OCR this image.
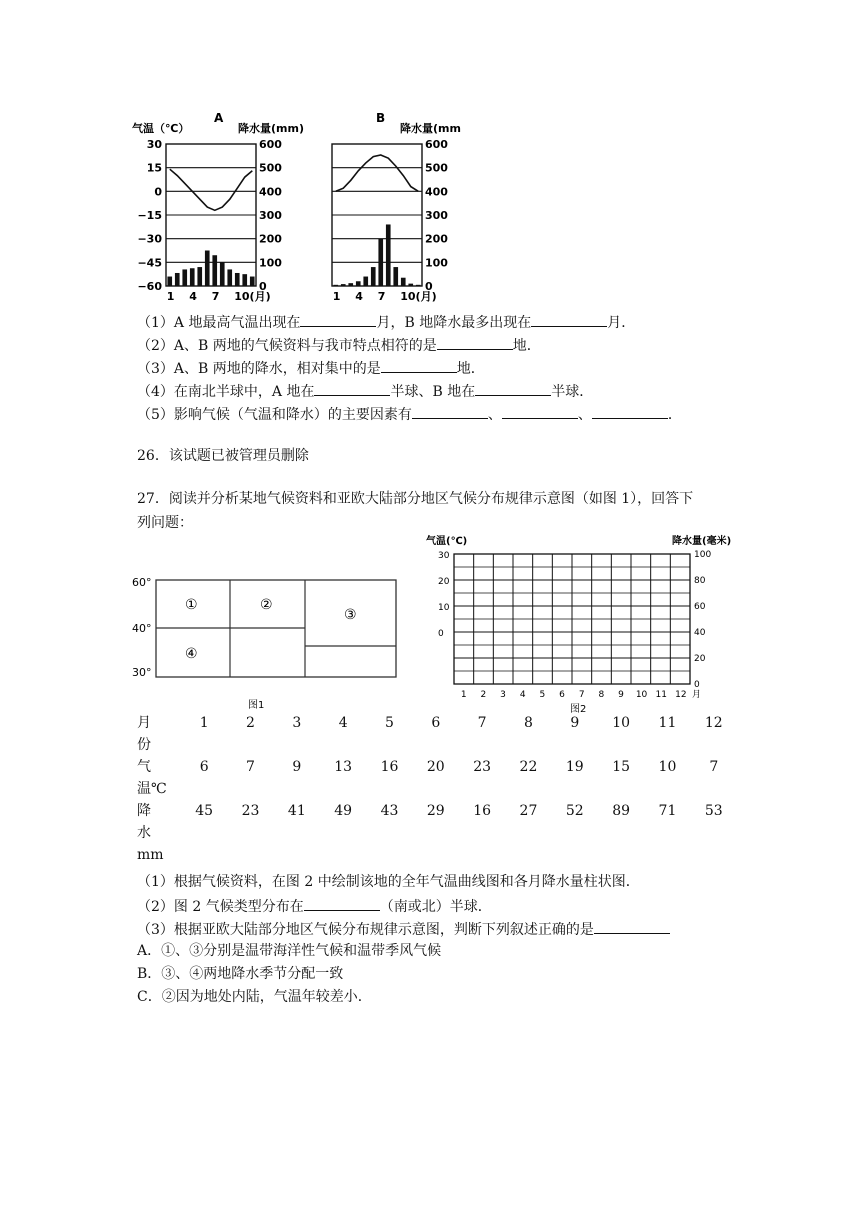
A
气温（℃）	降水量(mm)
30
15
0
−15
−30
−45
−60
600
500
400
300
200
100
0
1 4 7 10(月)
B
降水量(mm
600
500
400
300
200
100
0
1 4 7 10(月)
（1）A 地最高气温出现在	月，B 地降水最多出现在	月．
（2）A、B 两地的气候资料与我市特点相符的是	地．
（3）A、B 两地的降水，相对集中的是	地．
（4）在南北半球中，A 地在	半球、B 地在	半球．
（5）影响气候（气温和降水）的主要因素有	、	、	．
26．该试题已被管理员删除
27．阅读并分析某地气候资料和亚欧大陆部分地区气候分布规律示意图（如图 1），回答下
列问题：
60°
40°
30°
①	②
③
④
图1
气温(℃)	降水量(毫米)
30
20
10
0
100
80
60
40
20
0
1 2 3 4 5 6 7 8 9 10 11 12 月
图2
月
份	1	2	3	4	5	6	7	8	9	10	11	12
气
温℃	6	7	9	13	16	20	23	22	19	15	10	7
降
水
mm	45	23	41	49	43	29	16	27	52	89	71	53
（1）根据气候资料，在图 2 中绘制该地的全年气温曲线图和各月降水量柱状图．
（2）图 2 气候类型分布在	（南或北）半球．
（3）根据亚欧大陆部分地区气候分布规律示意图，判断下列叙述正确的是
A．①、③分别是温带海洋性气候和温带季风气候
B．③、④两地降水季节分配一致
C．②因为地处内陆，气温年较差小．
